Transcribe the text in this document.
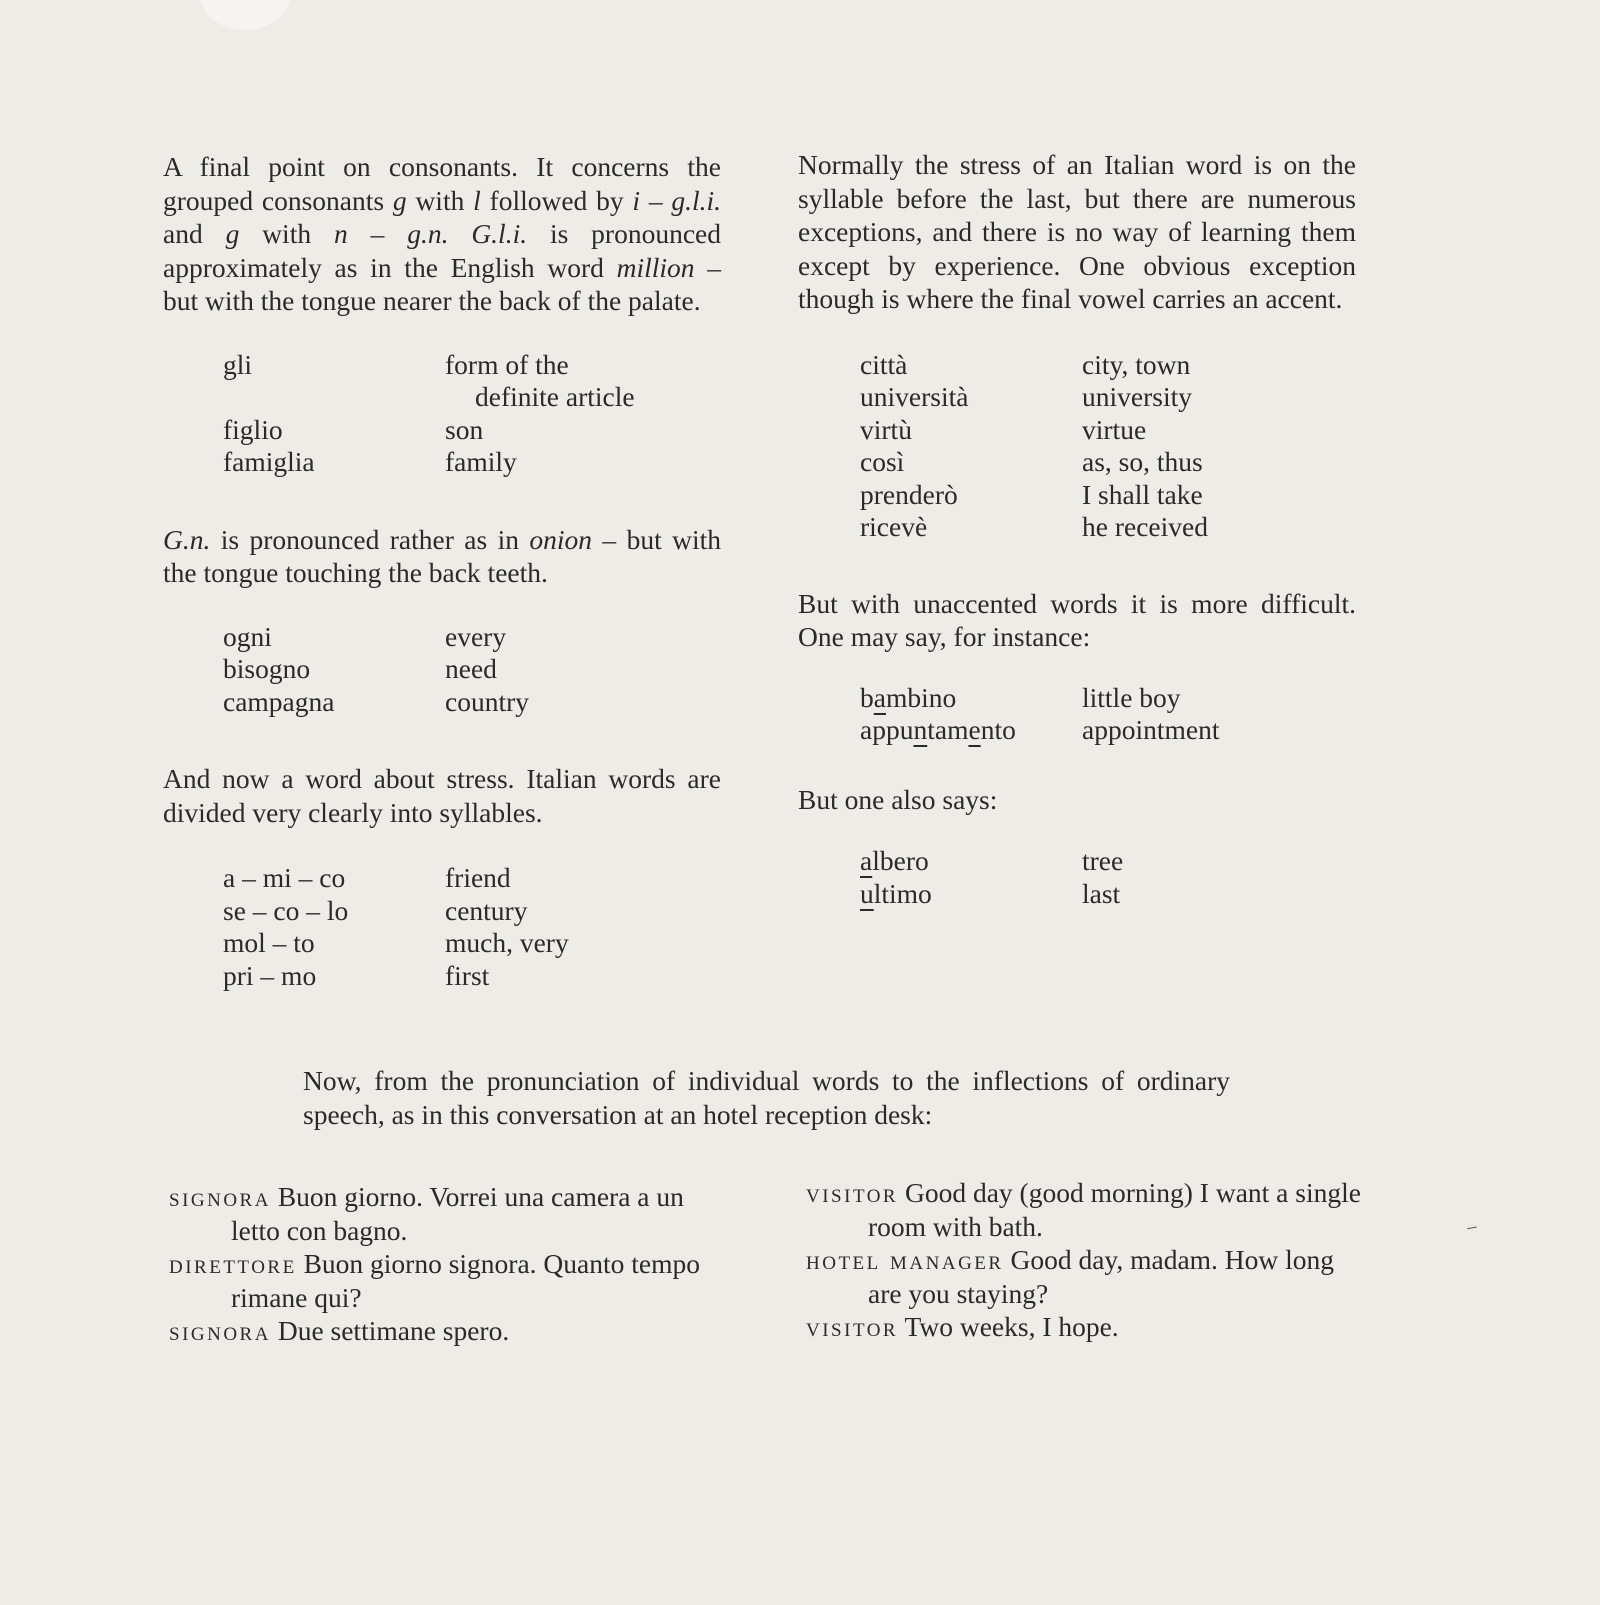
A final point on consonants. It concerns the grouped consonants g with l followed by i – g.l.i. and g with n – g.n. G.l.i. is pronounced approximately as in the English word million – but with the tongue nearer the back of the palate.

gli	form of the
definite article
figlio	son
famiglia	family

G.n. is pronounced rather as in onion – but with the tongue touching the back teeth.

ogni	every
bisogno	need
campagna	country

And now a word about stress. Italian words are divided very clearly into syllables.

a – mi – co	friend
se – co – lo	century
mol – to	much, very
pri – mo	first

Normally the stress of an Italian word is on the syllable before the last, but there are numerous exceptions, and there is no way of learning them except by experience. One obvious exception though is where the final vowel carries an accent.

città	city, town
università	university
virtù	virtue
così	as, so, thus
prenderò	I shall take
ricevè	he received

But with unaccented words it is more difficult. One may say, for instance:

bambino	little boy
appuntamento	appointment

But one also says:

albero	tree
ultimo	last

Now, from the pronunciation of individual words to the inflections of ordinary speech, as in this conversation at an hotel reception desk:

signora Buon giorno. Vorrei una camera a un letto con bagno.

direttore Buon giorno signora. Quanto tempo rimane qui?

signora Due settimane spero.

visitor Good day (good morning) I want a single room with bath.

hotel manager Good day, madam. How long are you staying?

visitor Two weeks, I hope.

⸝
